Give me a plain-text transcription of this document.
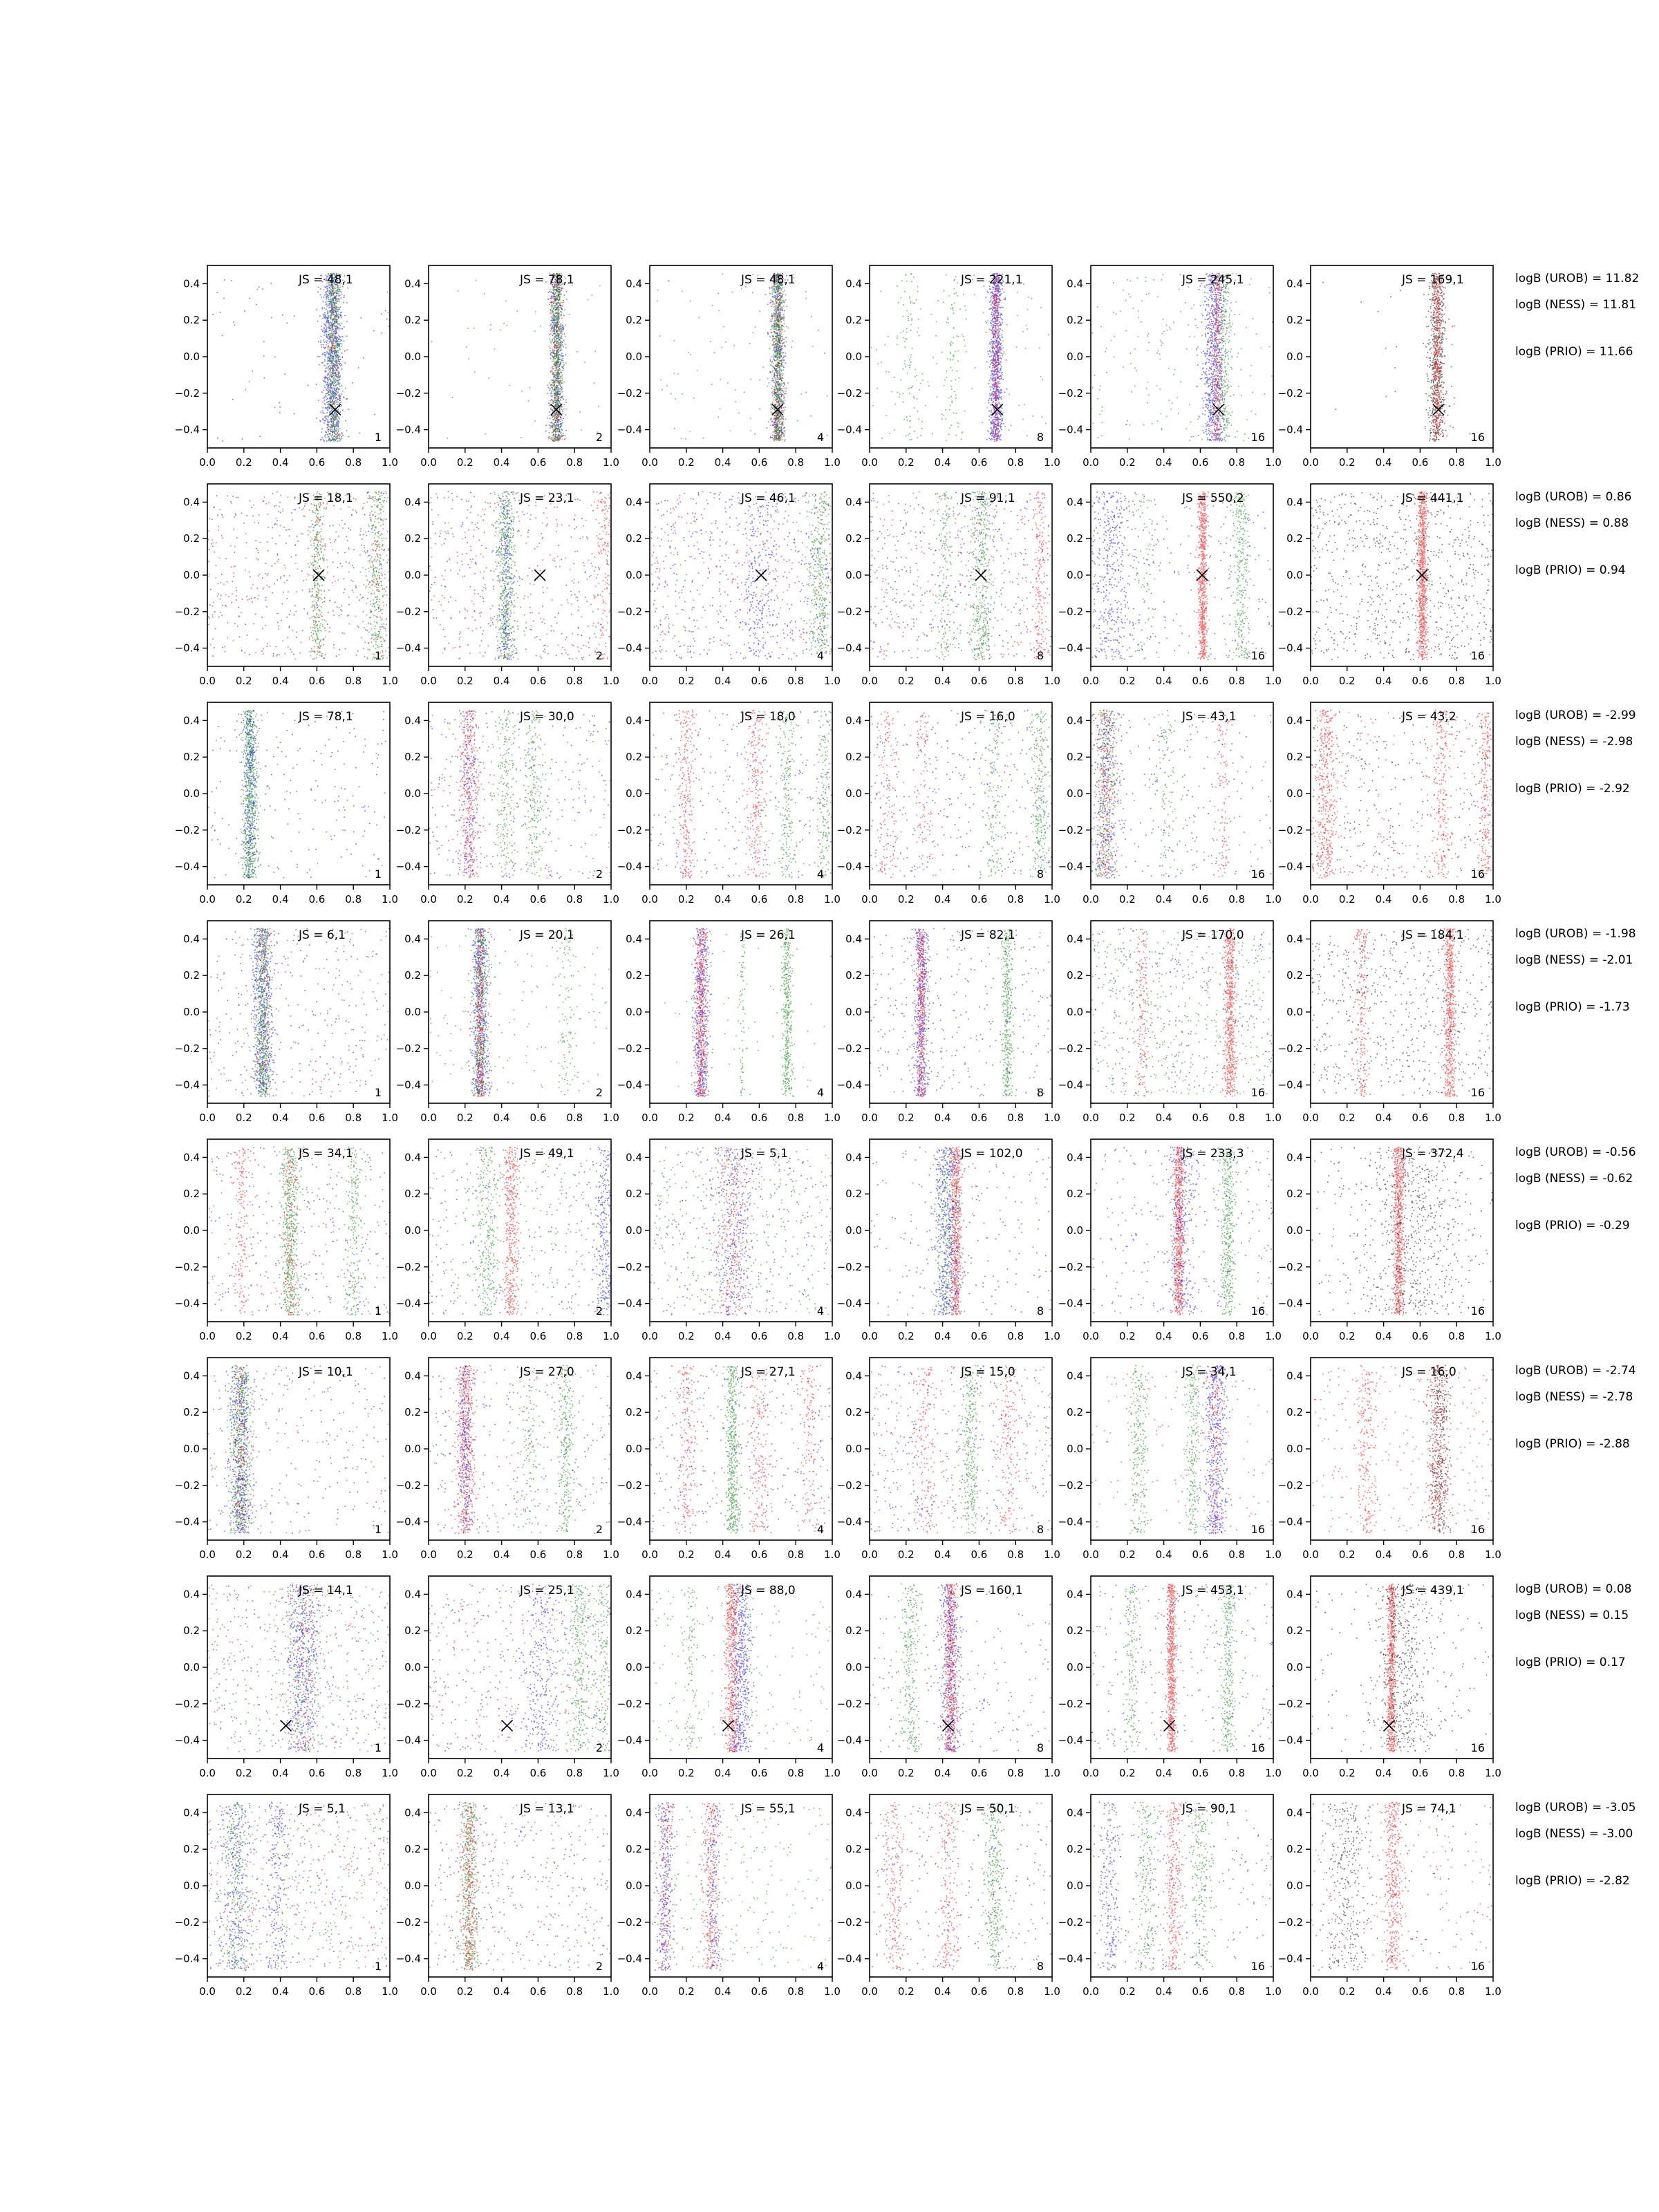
0.0 0.2 0.4 0.6 0.8 1.0
0.4
0.2
0.0
−0.2
−0.4
JS = 48,1
1
0.0 0.2 0.4 0.6 0.8 1.0
0.4
0.2
0.0
−0.2
−0.4
JS = 78,1
2
0.0 0.2 0.4 0.6 0.8 1.0
0.4
0.2
0.0
−0.2
−0.4
JS = 48,1
4
0.0 0.2 0.4 0.6 0.8 1.0
0.4
0.2
0.0
−0.2
−0.4
JS = 221,1
8
0.0 0.2 0.4 0.6 0.8 1.0
0.4
0.2
0.0
−0.2
−0.4
JS = 245,1
16
0.0 0.2 0.4 0.6 0.8 1.0
0.4
0.2
0.0
−0.2
−0.4
JS = 169,1
16
logB (UROB) = 11.82
logB (NESS) = 11.81
logB (PRIO) = 11.66
0.0 0.2 0.4 0.6 0.8 1.0
0.4
0.2
0.0
−0.2
−0.4
JS = 18,1
1
0.0 0.2 0.4 0.6 0.8 1.0
0.4
0.2
0.0
−0.2
−0.4
JS = 23,1
2
0.0 0.2 0.4 0.6 0.8 1.0
0.4
0.2
0.0
−0.2
−0.4
JS = 46,1
4
0.0 0.2 0.4 0.6 0.8 1.0
0.4
0.2
0.0
−0.2
−0.4
JS = 91,1
8
0.0 0.2 0.4 0.6 0.8 1.0
0.4
0.2
0.0
−0.2
−0.4
JS = 550,2
16
0.0 0.2 0.4 0.6 0.8 1.0
0.4
0.2
0.0
−0.2
−0.4
JS = 441,1
16
logB (UROB) = 0.86
logB (NESS) = 0.88
logB (PRIO) = 0.94
0.0 0.2 0.4 0.6 0.8 1.0
0.4
0.2
0.0
−0.2
−0.4
JS = 78,1
1
0.0 0.2 0.4 0.6 0.8 1.0
0.4
0.2
0.0
−0.2
−0.4
JS = 30,0
2
0.0 0.2 0.4 0.6 0.8 1.0
0.4
0.2
0.0
−0.2
−0.4
JS = 18,0
4
0.0 0.2 0.4 0.6 0.8 1.0
0.4
0.2
0.0
−0.2
−0.4
JS = 16,0
8
0.0 0.2 0.4 0.6 0.8 1.0
0.4
0.2
0.0
−0.2
−0.4
JS = 43,1
16
0.0 0.2 0.4 0.6 0.8 1.0
0.4
0.2
0.0
−0.2
−0.4
JS = 43,2
16
logB (UROB) = -2.99
logB (NESS) = -2.98
logB (PRIO) = -2.92
0.0 0.2 0.4 0.6 0.8 1.0
0.4
0.2
0.0
−0.2
−0.4
JS = 6,1
1
0.0 0.2 0.4 0.6 0.8 1.0
0.4
0.2
0.0
−0.2
−0.4
JS = 20,1
2
0.0 0.2 0.4 0.6 0.8 1.0
0.4
0.2
0.0
−0.2
−0.4
JS = 26,1
4
0.0 0.2 0.4 0.6 0.8 1.0
0.4
0.2
0.0
−0.2
−0.4
JS = 82,1
8
0.0 0.2 0.4 0.6 0.8 1.0
0.4
0.2
0.0
−0.2
−0.4
JS = 170,0
16
0.0 0.2 0.4 0.6 0.8 1.0
0.4
0.2
0.0
−0.2
−0.4
JS = 184,1
16
logB (UROB) = -1.98
logB (NESS) = -2.01
logB (PRIO) = -1.73
0.0 0.2 0.4 0.6 0.8 1.0
0.4
0.2
0.0
−0.2
−0.4
JS = 34,1
1
0.0 0.2 0.4 0.6 0.8 1.0
0.4
0.2
0.0
−0.2
−0.4
JS = 49,1
2
0.0 0.2 0.4 0.6 0.8 1.0
0.4
0.2
0.0
−0.2
−0.4
JS = 5,1
4
0.0 0.2 0.4 0.6 0.8 1.0
0.4
0.2
0.0
−0.2
−0.4
JS = 102,0
8
0.0 0.2 0.4 0.6 0.8 1.0
0.4
0.2
0.0
−0.2
−0.4
JS = 233,3
16
0.0 0.2 0.4 0.6 0.8 1.0
0.4
0.2
0.0
−0.2
−0.4
JS = 372,4
16
logB (UROB) = -0.56
logB (NESS) = -0.62
logB (PRIO) = -0.29
0.0 0.2 0.4 0.6 0.8 1.0
0.4
0.2
0.0
−0.2
−0.4
JS = 10,1
1
0.0 0.2 0.4 0.6 0.8 1.0
0.4
0.2
0.0
−0.2
−0.4
JS = 27,0
2
0.0 0.2 0.4 0.6 0.8 1.0
0.4
0.2
0.0
−0.2
−0.4
JS = 27,1
4
0.0 0.2 0.4 0.6 0.8 1.0
0.4
0.2
0.0
−0.2
−0.4
JS = 15,0
8
0.0 0.2 0.4 0.6 0.8 1.0
0.4
0.2
0.0
−0.2
−0.4
JS = 34,1
16
0.0 0.2 0.4 0.6 0.8 1.0
0.4
0.2
0.0
−0.2
−0.4
JS = 16,0
16
logB (UROB) = -2.74
logB (NESS) = -2.78
logB (PRIO) = -2.88
0.0 0.2 0.4 0.6 0.8 1.0
0.4
0.2
0.0
−0.2
−0.4
JS = 14,1
1
0.0 0.2 0.4 0.6 0.8 1.0
0.4
0.2
0.0
−0.2
−0.4
JS = 25,1
2
0.0 0.2 0.4 0.6 0.8 1.0
0.4
0.2
0.0
−0.2
−0.4
JS = 88,0
4
0.0 0.2 0.4 0.6 0.8 1.0
0.4
0.2
0.0
−0.2
−0.4
JS = 160,1
8
0.0 0.2 0.4 0.6 0.8 1.0
0.4
0.2
0.0
−0.2
−0.4
JS = 453,1
16
0.0 0.2 0.4 0.6 0.8 1.0
0.4
0.2
0.0
−0.2
−0.4
JS = 439,1
16
logB (UROB) = 0.08
logB (NESS) = 0.15
logB (PRIO) = 0.17
0.0 0.2 0.4 0.6 0.8 1.0
0.4
0.2
0.0
−0.2
−0.4
JS = 5,1
1
0.0 0.2 0.4 0.6 0.8 1.0
0.4
0.2
0.0
−0.2
−0.4
JS = 13,1
2
0.0 0.2 0.4 0.6 0.8 1.0
0.4
0.2
0.0
−0.2
−0.4
JS = 55,1
4
0.0 0.2 0.4 0.6 0.8 1.0
0.4
0.2
0.0
−0.2
−0.4
JS = 50,1
8
0.0 0.2 0.4 0.6 0.8 1.0
0.4
0.2
0.0
−0.2
−0.4
JS = 90,1
16
0.0 0.2 0.4 0.6 0.8 1.0
0.4
0.2
0.0
−0.2
−0.4
JS = 74,1
16
logB (UROB) = -3.05
logB (NESS) = -3.00
logB (PRIO) = -2.82
